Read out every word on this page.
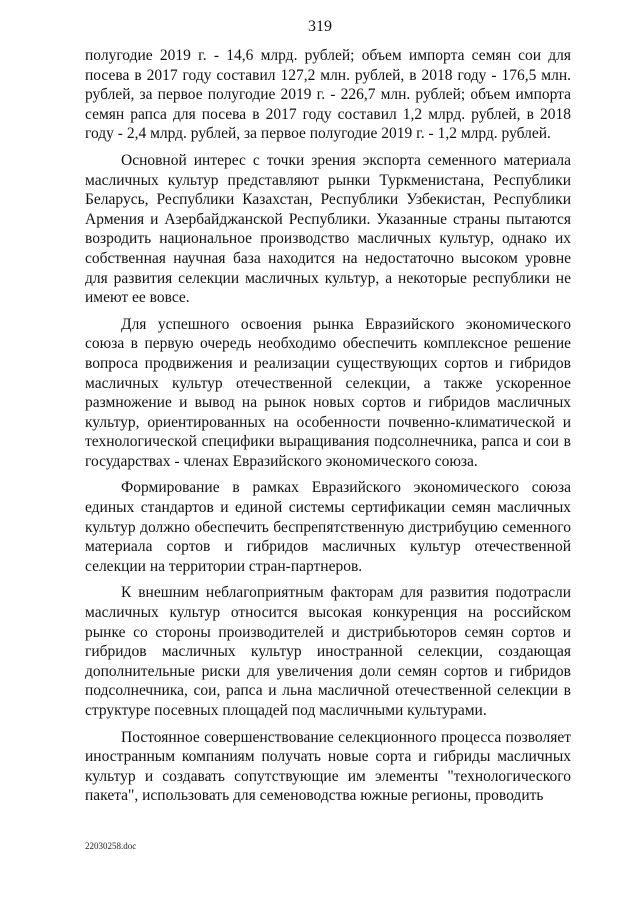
319

полугодие 2019 г. - 14,6 млрд. рублей; объем импорта семян сои для посева в 2017 году составил 127,2 млн. рублей, в 2018 году - 176,5 млн. рублей, за первое полугодие 2019 г. - 226,7 млн. рублей; объем импорта семян рапса для посева в 2017 году составил 1,2 млрд. рублей, в 2018 году - 2,4 млрд. рублей, за первое полугодие 2019 г. - 1,2 млрд. рублей.

Основной интерес с точки зрения экспорта семенного материала масличных культур представляют рынки Туркменистана, Республики Беларусь, Республики Казахстан, Республики Узбекистан, Республики Армения и Азербайджанской Республики. Указанные страны пытаются возродить национальное производство масличных культур, однако их собственная научная база находится на недостаточно высоком уровне для развития селекции масличных культур, а некоторые республики не имеют ее вовсе.

Для успешного освоения рынка Евразийского экономического союза в первую очередь необходимо обеспечить комплексное решение вопроса продвижения и реализации существующих сортов и гибридов масличных культур отечественной селекции, а также ускоренное размножение и вывод на рынок новых сортов и гибридов масличных культур, ориентированных на особенности почвенно-климатической и технологической специфики выращивания подсолнечника, рапса и сои в государствах - членах Евразийского экономического союза.

Формирование в рамках Евразийского экономического союза единых стандартов и единой системы сертификации семян масличных культур должно обеспечить беспрепятственную дистрибуцию семенного материала сортов и гибридов масличных культур отечественной селекции на территории стран-партнеров.

К внешним неблагоприятным факторам для развития подотрасли масличных культур относится высокая конкуренция на российском рынке со стороны производителей и дистрибьюторов семян сортов и гибридов масличных культур иностранной селекции, создающая дополнительные риски для увеличения доли семян сортов и гибридов подсолнечника, сои, рапса и льна масличной отечественной селекции в структуре посевных площадей под масличными культурами.

Постоянное совершенствование селекционного процесса позволяет иностранным компаниям получать новые сорта и гибриды масличных культур и создавать сопутствующие им элементы "технологического пакета", использовать для семеноводства южные регионы, проводить

22030258.doc
